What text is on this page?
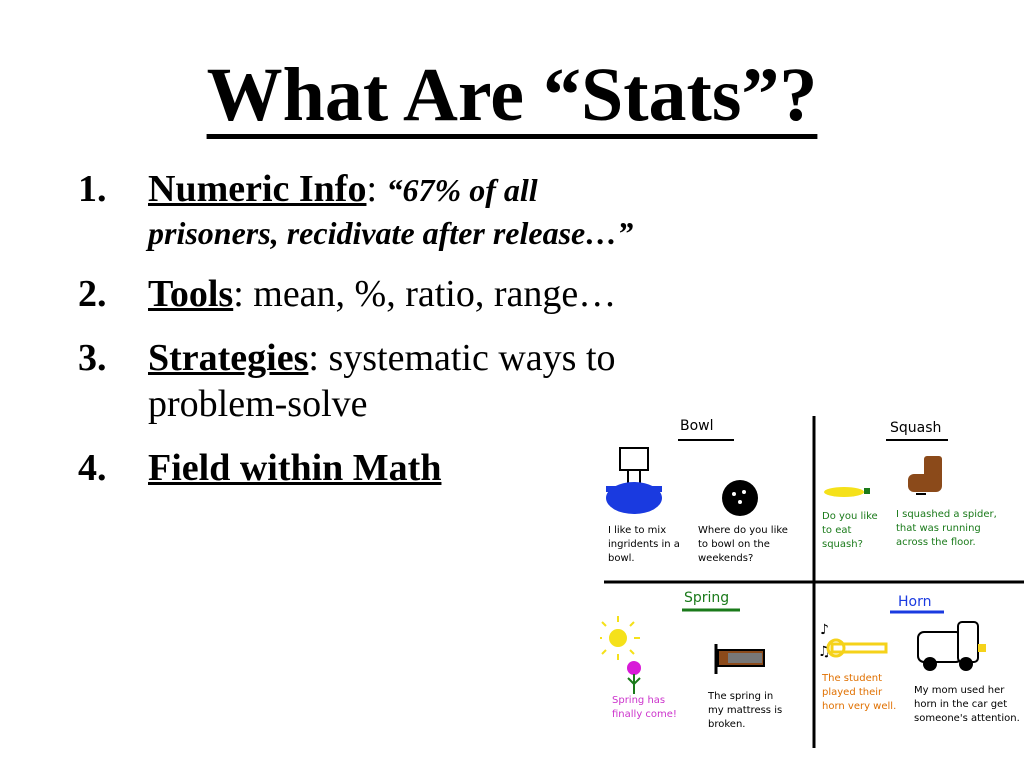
What Are “Stats”?
1. Numeric Info: “67% of all
prisoners, recidivate after release…”
2. Tools: mean, %, ratio, range…
3. Strategies: systematic ways to
problem-solve
4. Field within Math
♪
♫
Bowl	Squash
Spring	Horn
I like to mix ingridents in a bowl.
Where do you like to bowl on the weekends?
Do you like to eat squash?
I squashed a spider, that was running across the floor.
Spring has finally come!
The spring in my mattress is broken.
The student played their horn very well.
My mom used her horn in the car get someone's attention.
